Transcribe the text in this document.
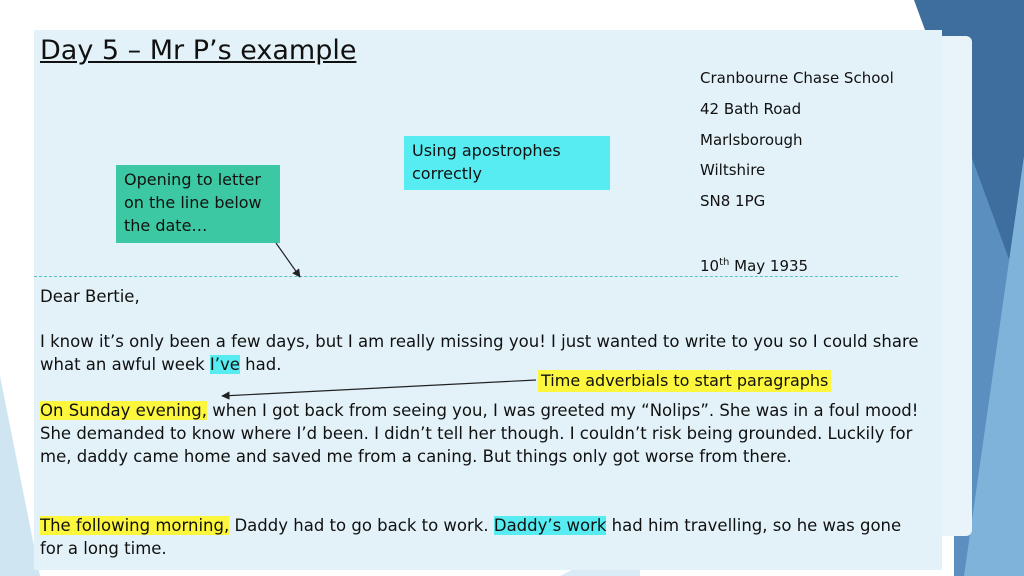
Day 5 – Mr P’s example
Cranbourne Chase School
42 Bath Road
Marlsborough
Wiltshire
SN8 1PG
10th May 1935
Opening to letter on the line below the date…
Using apostrophes correctly
Dear Bertie,
I know it’s only been a few days, but I am really missing you! I just wanted to write to you so I could share what an awful week I’ve had.
Time adverbials to start paragraphs
On Sunday evening, when I got back from seeing you, I was greeted my “Nolips”. She was in a foul mood! She demanded to know where I’d been. I didn’t tell her though. I couldn’t risk being grounded. Luckily for me, daddy came home and saved me from a caning. But things only got worse from there.
The following morning, Daddy had to go back to work. Daddy’s work had him travelling, so he was gone for a long time.
